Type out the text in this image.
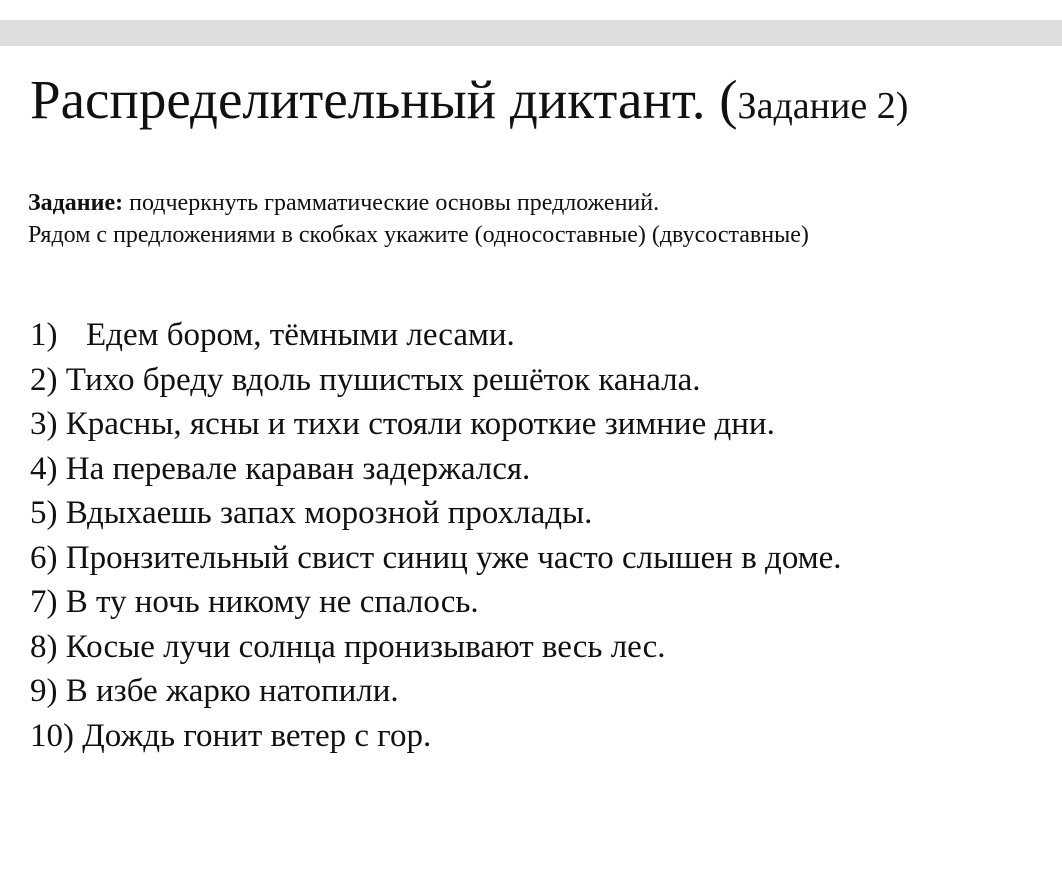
Распределительный диктант. (Задание 2)
Задание: подчеркнуть грамматические основы предложений.
Рядом с предложениями в скобках укажите (односоставные) (двусоставные)
1) Едем бором, тёмными лесами.
2) Тихо бреду вдоль пушистых решёток канала.
3) Красны, ясны и тихи стояли короткие зимние дни.
4) На перевале караван задержался.
5) Вдыхаешь запах морозной прохлады.
6) Пронзительный свист синиц уже часто слышен в доме.
7) В ту ночь никому не спалось.
8) Косые лучи солнца пронизывают весь лес.
9) В избе жарко натопили.
10) Дождь гонит ветер с гор.
